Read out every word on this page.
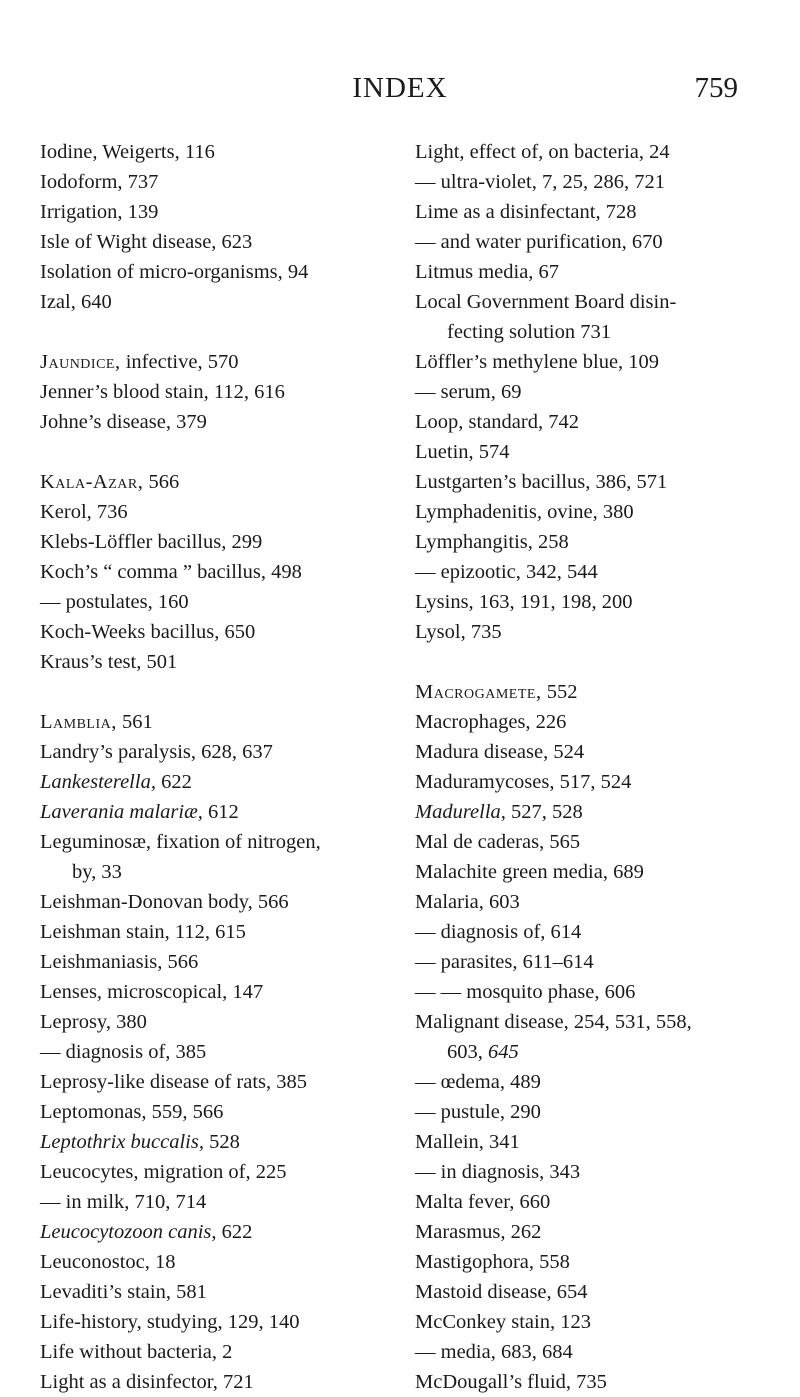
INDEX	759
Iodine, Weigerts, 116
Iodoform, 737
Irrigation, 139
Isle of Wight disease, 623
Isolation of micro-organisms, 94
Izal, 640
Jaundice, infective, 570
Jenner’s blood stain, 112, 616
Johne’s disease, 379
Kala-Azar, 566
Kerol, 736
Klebs-Löffler bacillus, 299
Koch’s “ comma ” bacillus, 498
— postulates, 160
Koch-Weeks bacillus, 650
Kraus’s test, 501
Lamblia, 561
Landry’s paralysis, 628, 637
Lankesterella, 622
Laverania malariæ, 612
Leguminosæ, fixation of nitrogen,
by, 33
Leishman-Donovan body, 566
Leishman stain, 112, 615
Leishmaniasis, 566
Lenses, microscopical, 147
Leprosy, 380
— diagnosis of, 385
Leprosy-like disease of rats, 385
Leptomonas, 559, 566
Leptothrix buccalis, 528
Leucocytes, migration of, 225
— in milk, 710, 714
Leucocytozoon canis, 622
Leuconostoc, 18
Levaditi’s stain, 581
Life-history, studying, 129, 140
Life without bacteria, 2
Light as a disinfector, 721
Light, effect of, on bacteria, 24
— ultra-violet, 7, 25, 286, 721
Lime as a disinfectant, 728
— and water purification, 670
Litmus media, 67
Local Government Board disin-
fecting solution 731
Löffler’s methylene blue, 109
— serum, 69
Loop, standard, 742
Luetin, 574
Lustgarten’s bacillus, 386, 571
Lymphadenitis, ovine, 380
Lymphangitis, 258
— epizootic, 342, 544
Lysins, 163, 191, 198, 200
Lysol, 735
Macrogamete, 552
Macrophages, 226
Madura disease, 524
Maduramycoses, 517, 524
Madurella, 527, 528
Mal de caderas, 565
Malachite green media, 689
Malaria, 603
— diagnosis of, 614
— parasites, 611–614
— — mosquito phase, 606
Malignant disease, 254, 531, 558,
603, 645
— œdema, 489
— pustule, 290
Mallein, 341
— in diagnosis, 343
Malta fever, 660
Marasmus, 262
Mastigophora, 558
Mastoid disease, 654
McConkey stain, 123
— media, 683, 684
McDougall’s fluid, 735
